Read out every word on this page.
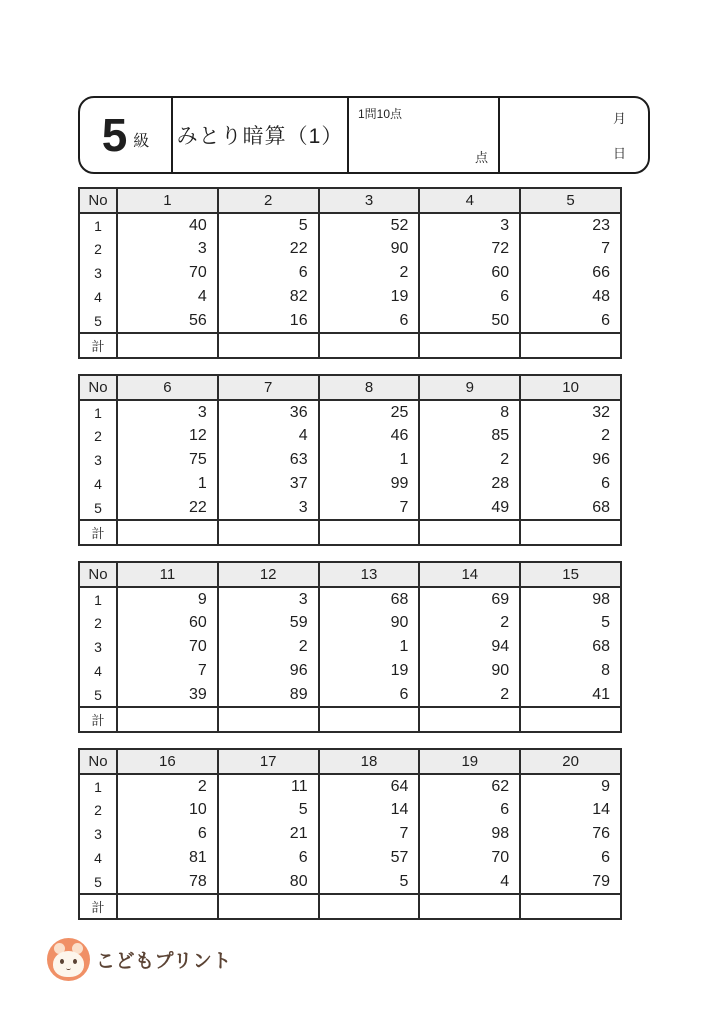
5 級 みとり暗算（1）
1問10点
点
月
日
No	1	2	3	4	5
1	40	5	52	3	23
2	3	22	90	72	7
3	70	6	2	60	66
4	4	82	19	6	48
5	56	16	6	50	6
計					
No	6	7	8	9	10
1	3	36	25	8	32
2	12	4	46	85	2
3	75	63	1	2	96
4	1	37	99	28	6
5	22	3	7	49	68
計					
No	11	12	13	14	15
1	9	3	68	69	98
2	60	59	90	2	5
3	70	2	1	94	68
4	7	96	19	90	8
5	39	89	6	2	41
計					
No	16	17	18	19	20
1	2	11	64	62	9
2	10	5	14	6	14
3	6	21	7	98	76
4	81	6	57	70	6
5	78	80	5	4	79
計					
こどもプリント
